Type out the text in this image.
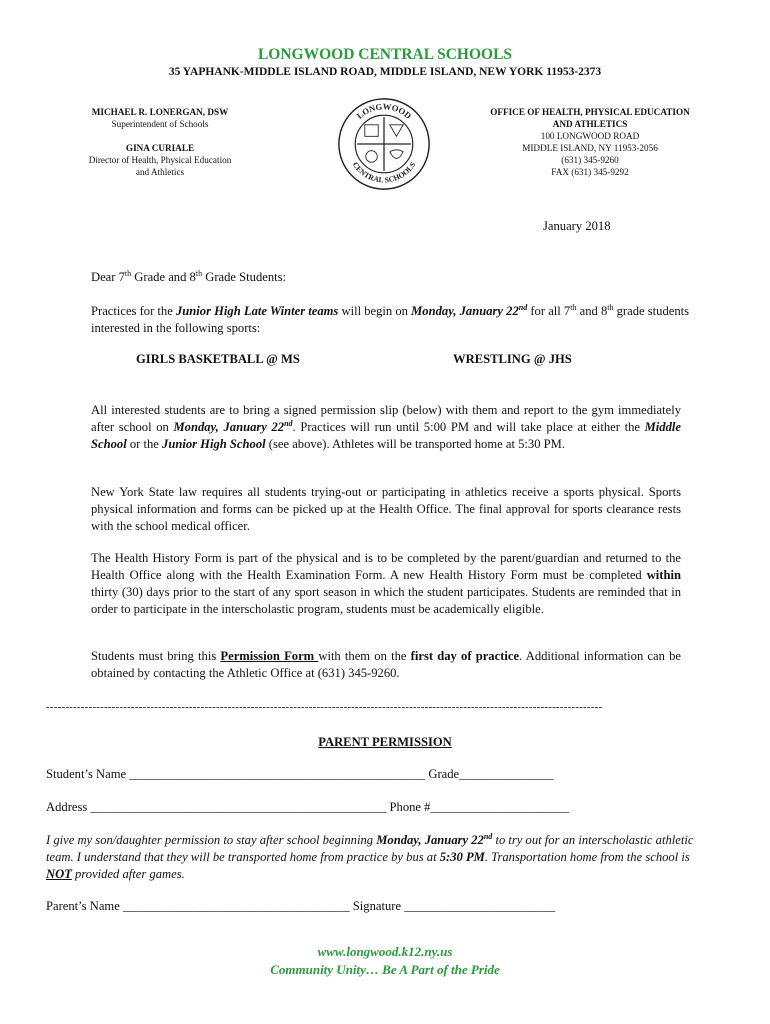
LONGWOOD CENTRAL SCHOOLS
35 YAPHANK-MIDDLE ISLAND ROAD, MIDDLE ISLAND, NEW YORK 11953-2373
MICHAEL R. LONERGAN, DSW
Superintendent of Schools
GINA CURIALE
Director of Health, Physical Education
and Athletics
OFFICE OF HEALTH, PHYSICAL EDUCATION
AND ATHLETICS
100 LONGWOOD ROAD
MIDDLE ISLAND, NY 11953-2056
(631) 345-9260
FAX (631) 345-9292
LONGWOOD
CENTRAL SCHOOLS
January 2018
Dear 7th Grade and 8th Grade Students:
Practices for the Junior High Late Winter teams will begin on Monday, January 22nd for all 7th and 8th grade students interested in the following sports:
GIRLS BASKETBALL @ MS	WRESTLING @ JHS
All interested students are to bring a signed permission slip (below) with them and report to the gym immediately after school on Monday, January 22nd. Practices will run until 5:00 PM and will take place at either the Middle School or the Junior High School (see above). Athletes will be transported home at 5:30 PM.
New York State law requires all students trying-out or participating in athletics receive a sports physical. Sports physical information and forms can be picked up at the Health Office. The final approval for sports clearance rests with the school medical officer.
The Health History Form is part of the physical and is to be completed by the parent/guardian and returned to the Health Office along with the Health Examination Form. A new Health History Form must be completed within thirty (30) days prior to the start of any sport season in which the student participates. Students are reminded that in order to participate in the interscholastic program, students must be academically eligible.
Students must bring this Permission Form with them on the first day of practice. Additional information can be obtained by contacting the Athletic Office at (631) 345-9260.
------------------------------------------------------------------------------------------------------------------------------------------------
PARENT PERMISSION
Student’s Name _______________________________________________ Grade_______________
Address _______________________________________________ Phone #______________________
I give my son/daughter permission to stay after school beginning Monday, January 22nd to try out for an interscholastic athletic team. I understand that they will be transported home from practice by bus at 5:30 PM. Transportation home from the school is NOT provided after games.
Parent’s Name ____________________________________ Signature ________________________
www.longwood.k12.ny.us
Community Unity… Be A Part of the Pride
